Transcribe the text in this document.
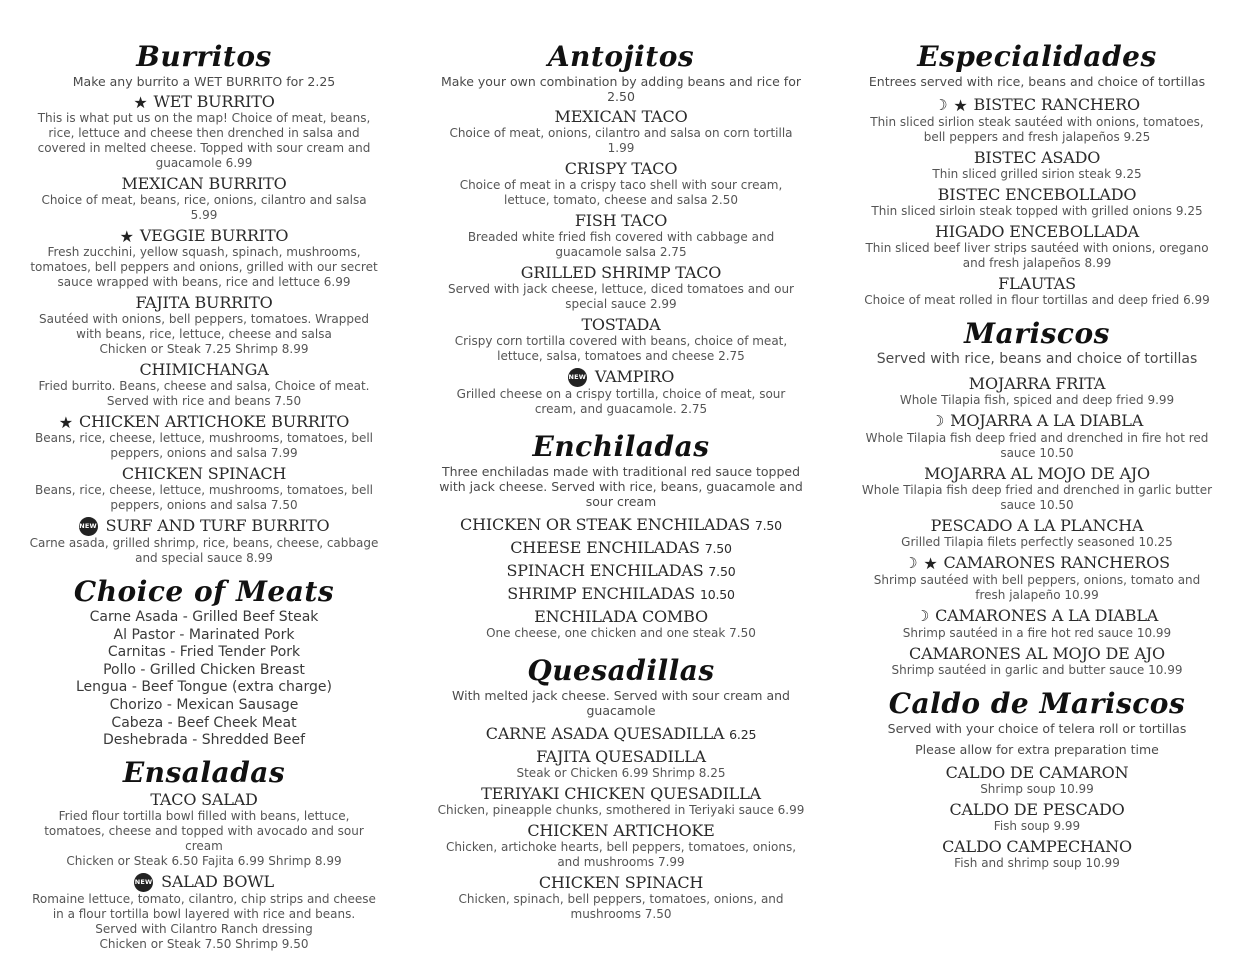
Burritos
Make any burrito a WET BURRITO for 2.25
★ WET BURRITO
This is what put us on the map! Choice of meat, beans, rice, lettuce and cheese then drenched in salsa and covered in melted cheese. Topped with sour cream and guacamole 6.99
MEXICAN BURRITO
Choice of meat, beans, rice, onions, cilantro and salsa 5.99
★ VEGGIE BURRITO
Fresh zucchini, yellow squash, spinach, mushrooms, tomatoes, bell peppers and onions, grilled with our secret sauce wrapped with beans, rice and lettuce 6.99
FAJITA BURRITO
Sautéed with onions, bell peppers, tomatoes. Wrapped with beans, rice, lettuce, cheese and salsa
Chicken or Steak 7.25 Shrimp 8.99
CHIMICHANGA
Fried burrito. Beans, cheese and salsa, Choice of meat. Served with rice and beans 7.50
★ CHICKEN ARTICHOKE BURRITO
Beans, rice, cheese, lettuce, mushrooms, tomatoes, bell peppers, onions and salsa 7.99
CHICKEN SPINACH
Beans, rice, cheese, lettuce, mushrooms, tomatoes, bell peppers, onions and salsa 7.50
NEW SURF AND TURF BURRITO
Carne asada, grilled shrimp, rice, beans, cheese, cabbage and special sauce 8.99
Choice of Meats
Carne Asada - Grilled Beef Steak
Al Pastor - Marinated Pork
Carnitas - Fried Tender Pork
Pollo - Grilled Chicken Breast
Lengua - Beef Tongue (extra charge)
Chorizo - Mexican Sausage
Cabeza - Beef Cheek Meat
Deshebrada - Shredded Beef
Ensaladas
TACO SALAD
Fried flour tortilla bowl filled with beans, lettuce, tomatoes, cheese and topped with avocado and sour cream
Chicken or Steak 6.50 Fajita 6.99 Shrimp 8.99
NEW SALAD BOWL
Romaine lettuce, tomato, cilantro, chip strips and cheese in a flour tortilla bowl layered with rice and beans.
Served with Cilantro Ranch dressing
Chicken or Steak 7.50 Shrimp 9.50
Antojitos
Make your own combination by adding beans and rice for 2.50
MEXICAN TACO
Choice of meat, onions, cilantro and salsa on corn tortilla 1.99
CRISPY TACO
Choice of meat in a crispy taco shell with sour cream, lettuce, tomato, cheese and salsa 2.50
FISH TACO
Breaded white fried fish covered with cabbage and guacamole salsa 2.75
GRILLED SHRIMP TACO
Served with jack cheese, lettuce, diced tomatoes and our special sauce 2.99
TOSTADA
Crispy corn tortilla covered with beans, choice of meat, lettuce, salsa, tomatoes and cheese 2.75
NEW VAMPIRO
Grilled cheese on a crispy tortilla, choice of meat, sour cream, and guacamole. 2.75
Enchiladas
Three enchiladas made with traditional red sauce topped with jack cheese. Served with rice, beans, guacamole and sour cream
CHICKEN OR STEAK ENCHILADAS 7.50
CHEESE ENCHILADAS 7.50
SPINACH ENCHILADAS 7.50
SHRIMP ENCHILADAS 10.50
ENCHILADA COMBO
One cheese, one chicken and one steak 7.50
Quesadillas
With melted jack cheese. Served with sour cream and guacamole
CARNE ASADA QUESADILLA 6.25
FAJITA QUESADILLA
Steak or Chicken 6.99 Shrimp 8.25
TERIYAKI CHICKEN QUESADILLA
Chicken, pineapple chunks, smothered in Teriyaki sauce 6.99
CHICKEN ARTICHOKE
Chicken, artichoke hearts, bell peppers, tomatoes, onions, and mushrooms 7.99
CHICKEN SPINACH
Chicken, spinach, bell peppers, tomatoes, onions, and mushrooms 7.50
Especialidades
Entrees served with rice, beans and choice of tortillas
☽ ★ BISTEC RANCHERO
Thin sliced sirlion steak sautéed with onions, tomatoes, bell peppers and fresh jalapeños 9.25
BISTEC ASADO
Thin sliced grilled sirion steak 9.25
BISTEC ENCEBOLLADO
Thin sliced sirloin steak topped with grilled onions 9.25
HIGADO ENCEBOLLADA
Thin sliced beef liver strips sautéed with onions, oregano and fresh jalapeños 8.99
FLAUTAS
Choice of meat rolled in flour tortillas and deep fried 6.99
Mariscos
Served with rice, beans and choice of tortillas
MOJARRA FRITA
Whole Tilapia fish, spiced and deep fried 9.99
☽ MOJARRA A LA DIABLA
Whole Tilapia fish deep fried and drenched in fire hot red sauce 10.50
MOJARRA AL MOJO DE AJO
Whole Tilapia fish deep fried and drenched in garlic butter sauce 10.50
PESCADO A LA PLANCHA
Grilled Tilapia filets perfectly seasoned 10.25
☽ ★ CAMARONES RANCHEROS
Shrimp sautéed with bell peppers, onions, tomato and fresh jalapeño 10.99
☽ CAMARONES A LA DIABLA
Shrimp sautéed in a fire hot red sauce 10.99
CAMARONES AL MOJO DE AJO
Shrimp sautéed in garlic and butter sauce 10.99
Caldo de Mariscos
Served with your choice of telera roll or tortillas
Please allow for extra preparation time
CALDO DE CAMARON
Shrimp soup 10.99
CALDO DE PESCADO
Fish soup 9.99
CALDO CAMPECHANO
Fish and shrimp soup 10.99
